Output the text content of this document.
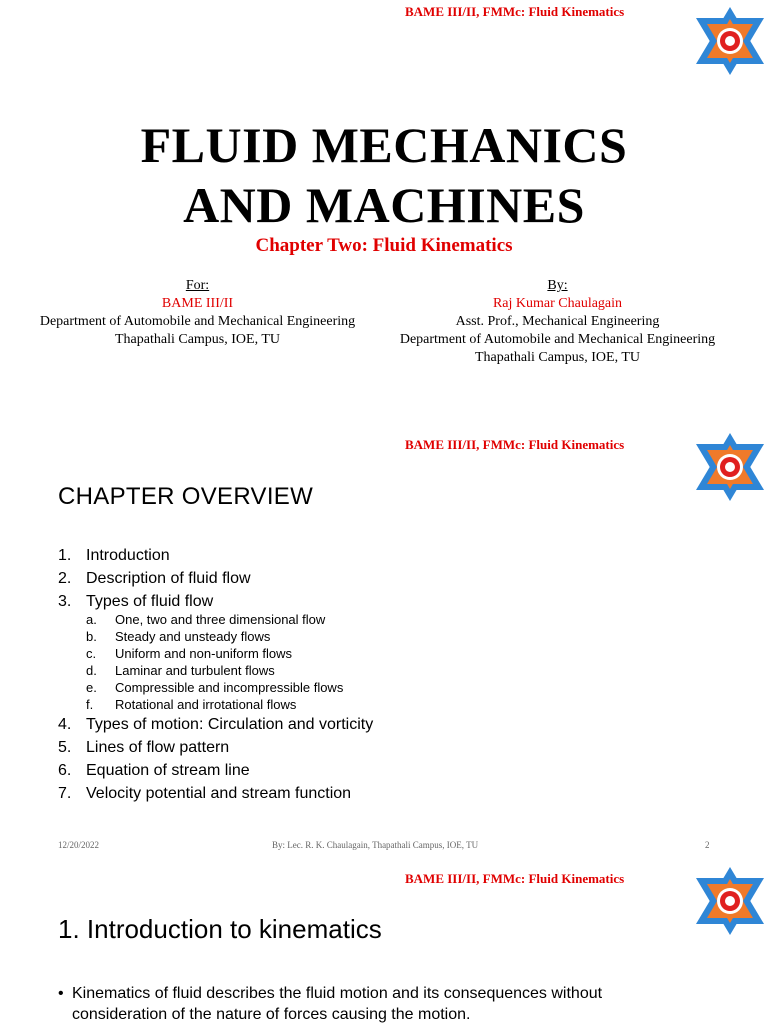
BAME III/II, FMMc: Fluid Kinematics
FLUID MECHANICS
AND MACHINES
Chapter Two: Fluid Kinematics
For:
BAME III/II
Department of Automobile and Mechanical Engineering
Thapathali Campus, IOE, TU
By:
Raj Kumar Chaulagain
Asst. Prof., Mechanical Engineering
Department of Automobile and Mechanical Engineering
Thapathali Campus, IOE, TU
BAME III/II, FMMc: Fluid Kinematics
CHAPTER OVERVIEW
1. Introduction
2. Description of fluid flow
3. Types of fluid flow
a. One, two and three dimensional flow
b. Steady and unsteady flows
c. Uniform and non-uniform flows
d. Laminar and turbulent flows
e. Compressible and incompressible flows
f. Rotational and irrotational flows
4. Types of motion: Circulation and vorticity
5. Lines of flow pattern
6. Equation of stream line
7. Velocity potential and stream function
12/20/2022	By: Lec. R. K. Chaulagain, Thapathali Campus, IOE, TU	2
BAME III/II, FMMc: Fluid Kinematics
1. Introduction to kinematics
• Kinematics of fluid describes the fluid motion and its consequences without
consideration of the nature of forces causing the motion.
